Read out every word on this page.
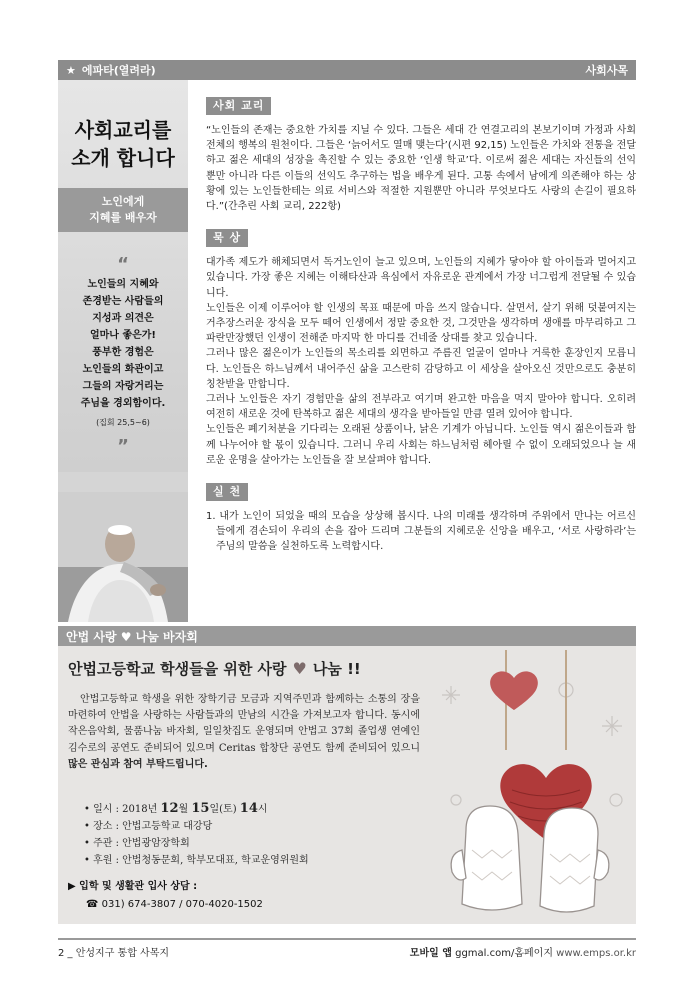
★ 에파타(열려라)	사회사목
사회교리를
소개 합니다
노인에게
지혜를 배우자
“
노인들의 지혜와
존경받는 사람들의
지성과 의견은
얼마나 좋은가!
풍부한 경험은
노인들의 화관이고
그들의 자랑거리는
주님을 경외함이다.
(집회 25,5~6)
”
사회 교리

“노인들의 존재는 중요한 가치를 지닐 수 있다. 그들은 세대 간 연결고리의 본보기이며 가정과 사회 전체의 행복의 원천이다. 그들은 ‘늙어서도 열매 맺는다’(시편 92,15) 노인들은 가치와 전통을 전달하고 젊은 세대의 성장을 촉진할 수 있는 중요한 ‘인생 학교’다. 이로써 젊은 세대는 자신들의 선익뿐만 아니라 다른 이들의 선익도 추구하는 법을 배우게 된다. 고통 속에서 남에게 의존해야 하는 상황에 있는 노인들한테는 의료 서비스와 적절한 지원뿐만 아니라 무엇보다도 사랑의 손길이 필요하다.”(간추린 사회 교리, 222항)

묵 상

대가족 제도가 해체되면서 독거노인이 늘고 있으며, 노인들의 지혜가 닿아야 할 아이들과 멀어지고 있습니다. 가장 좋은 지혜는 이해타산과 욕심에서 자유로운 관계에서 가장 너그럽게 전달될 수 있습니다.

노인들은 이제 이루어야 할 인생의 목표 때문에 마음 쓰지 않습니다. 살면서, 살기 위해 덧붙여지는 거추장스러운 장식을 모두 떼어 인생에서 정말 중요한 것, 그것만을 생각하며 생애를 마무리하고 그 파란만장했던 인생이 전해준 마지막 한 마디를 건네줄 상대를 찾고 있습니다.

그러나 많은 젊은이가 노인들의 목소리를 외면하고 주름진 얼굴이 얼마나 거룩한 훈장인지 모릅니다. 노인들은 하느님께서 내어주신 삶을 고스란히 감당하고 이 세상을 살아오신 것만으로도 충분히 칭찬받을 만합니다.

그러나 노인들은 자기 경험만을 삶의 전부라고 여기며 완고한 마음을 먹지 말아야 합니다. 오히려 여전히 새로운 것에 탄복하고 젊은 세대의 생각을 받아들일 만큼 열려 있어야 합니다.

노인들은 폐기처분을 기다리는 오래된 상품이나, 낡은 기계가 아닙니다. 노인들 역시 젊은이들과 함께 나누어야 할 몫이 있습니다. 그러니 우리 사회는 하느님처럼 헤아릴 수 없이 오래되었으나 늘 새로운 운명을 살아가는 노인들을 잘 보살펴야 합니다.

실 천

1. 내가 노인이 되었을 때의 모습을 상상해 봅시다. 나의 미래를 생각하며 주위에서 만나는 어르신들에게 겸손되이 우리의 손을 잡아 드리며 그분들의 지혜로운 신앙을 배우고, ‘서로 사랑하라’는 주님의 말씀을 실천하도록 노력합시다.

안법 사랑 ♥ 나눔 바자회
안법고등학교 학생들을 위한 사랑 ♥ 나눔 !!

안법고등학교 학생을 위한 장학기금 모금과 지역주민과 함께하는 소통의 장을 마련하여 안법을 사랑하는 사람들과의 만남의 시간을 가져보고자 합니다. 동시에 작은음악회, 물품나눔 바자회, 일일찻집도 운영되며 안법고 37회 졸업생 연예인 김수로의 공연도 준비되어 있으며 Ceritas 합창단 공연도 함께 준비되어 있으니 많은 관심과 참여 부탁드립니다.

• 일시 : 2018년 12월 15일(토) 14시
• 장소 : 안법고등학교 대강당
• 주관 : 안법광암장학회
• 후원 : 안법청동문회, 학부모대표, 학교운영위원회
▶ 입학 및 생활관 입사 상담 :
☎ 031) 674-3807 / 070-4020-1502
2 _ 안성지구 통합 사목지	모바일 앱 ggmal.com/홈페이지 www.emps.or.kr
